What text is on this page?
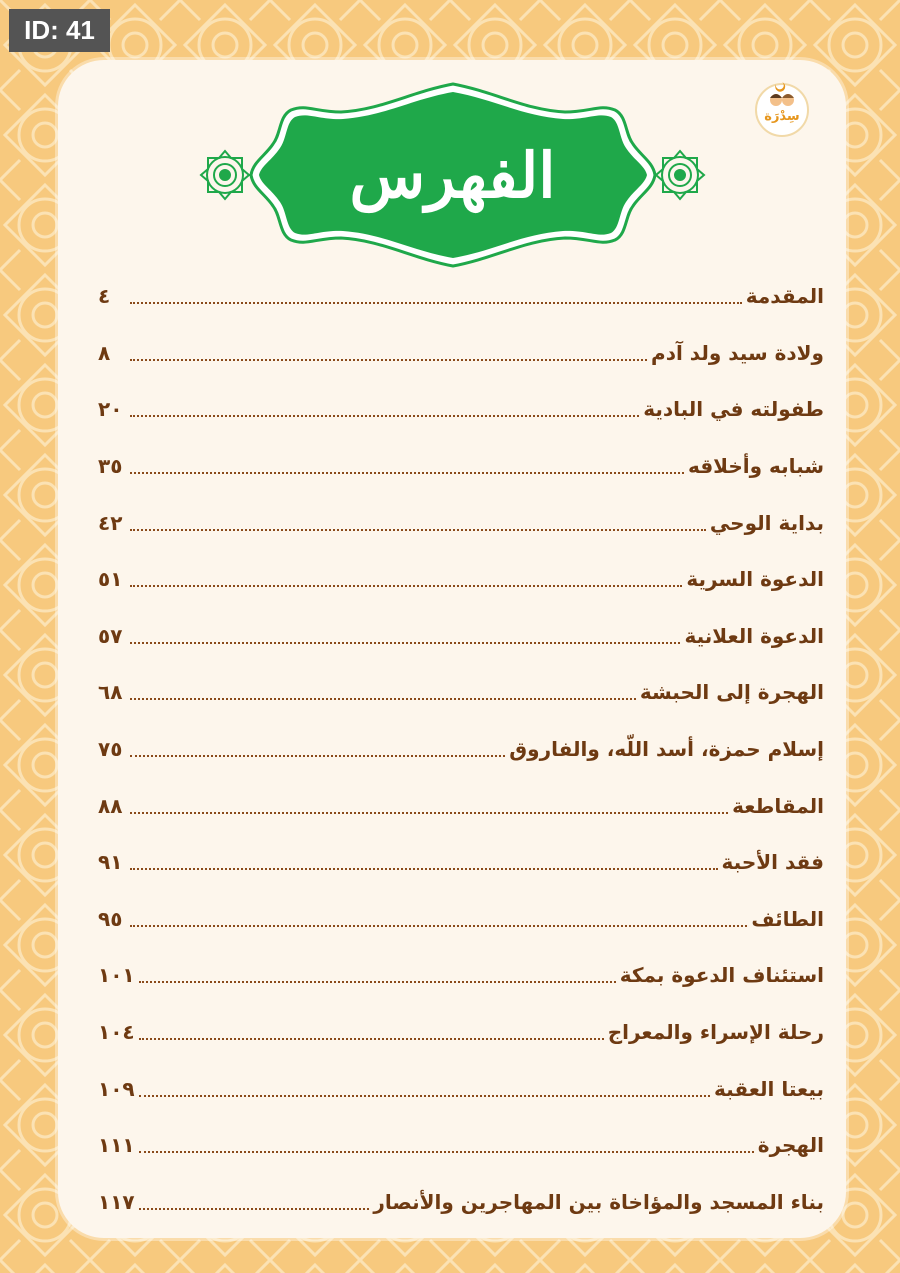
ID: 41
سِدْرَة
الفهرس
المقدمة
٤
ولادة سيد ولد آدم
٨
طفولته في البادية
٢٠
شبابه وأخلاقه
٣٥
بداية الوحي
٤٢
الدعوة السرية
٥١
الدعوة العلانية
٥٧
الهجرة إلى الحبشة
٦٨
إسلام حمزة، أسد اللّه، والفاروق
٧٥
المقاطعة
٨٨
فقد الأحبة
٩١
الطائف
٩٥
استئناف الدعوة بمكة
١٠١
رحلة الإسراء والمعراج
١٠٤
بيعتا العقبة
١٠٩
الهجرة
١١١
بناء المسجد والمؤاخاة بين المهاجرين والأنصار
١١٧
